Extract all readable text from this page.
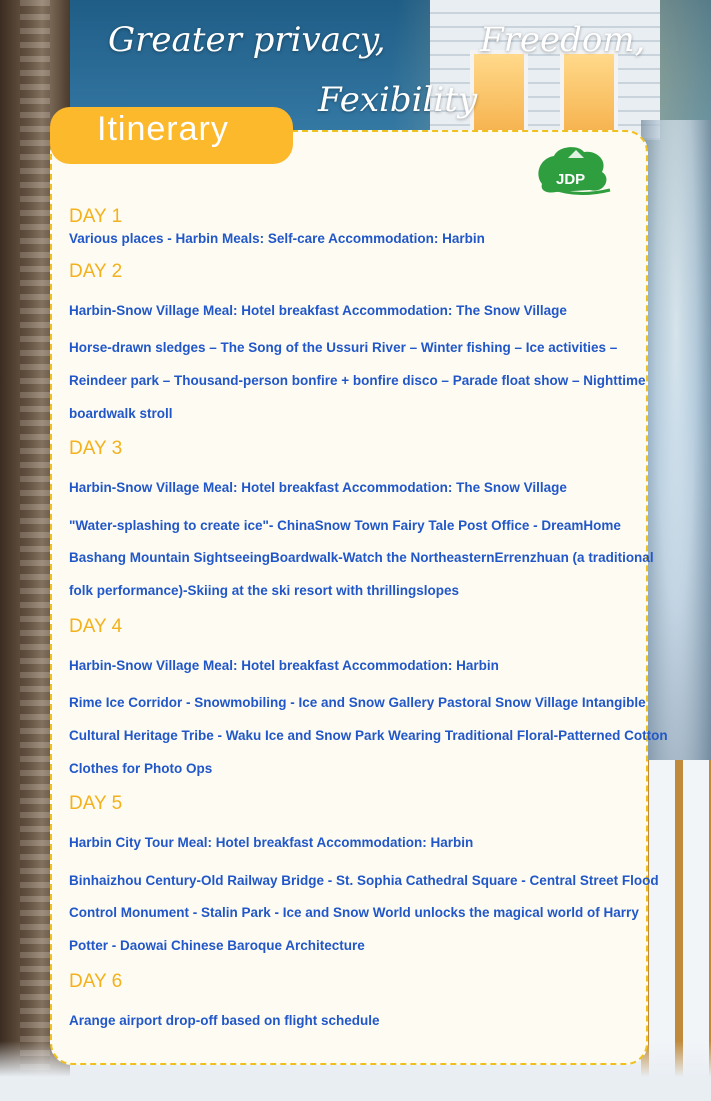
Greater privacy,	Freedom,
Fexibility
Itinerary
JDP
DAY 1
Various places - Harbin Meals: Self-care Accommodation: Harbin
DAY 2
Harbin-Snow Village Meal: Hotel breakfast Accommodation: The Snow Village
Horse-drawn sledges – The Song of the Ussuri River – Winter fishing – Ice activities –
Reindeer park – Thousand-person bonfire + bonfire disco – Parade float show – Nighttime
boardwalk stroll
DAY 3
Harbin-Snow Village Meal: Hotel breakfast Accommodation: The Snow Village
"Water-splashing to create ice"- ChinaSnow Town Fairy Tale Post Office - DreamHome
Bashang Mountain SightseeingBoardwalk-Watch the NortheasternErrenzhuan (a traditional
folk performance)-Skiing at the ski resort with thrillingslopes
DAY 4
Harbin-Snow Village Meal: Hotel breakfast Accommodation: Harbin
Rime Ice Corridor - Snowmobiling - Ice and Snow Gallery Pastoral Snow Village Intangible
Cultural Heritage Tribe - Waku Ice and Snow Park Wearing Traditional Floral-Patterned Cotton
Clothes for Photo Ops
DAY 5
Harbin City Tour Meal: Hotel breakfast Accommodation: Harbin
Binhaizhou Century-Old Railway Bridge - St. Sophia Cathedral Square - Central Street Flood
Control Monument - Stalin Park - Ice and Snow World unlocks the magical world of Harry
Potter - Daowai Chinese Baroque Architecture
DAY 6
Arange airport drop-off based on flight schedule
